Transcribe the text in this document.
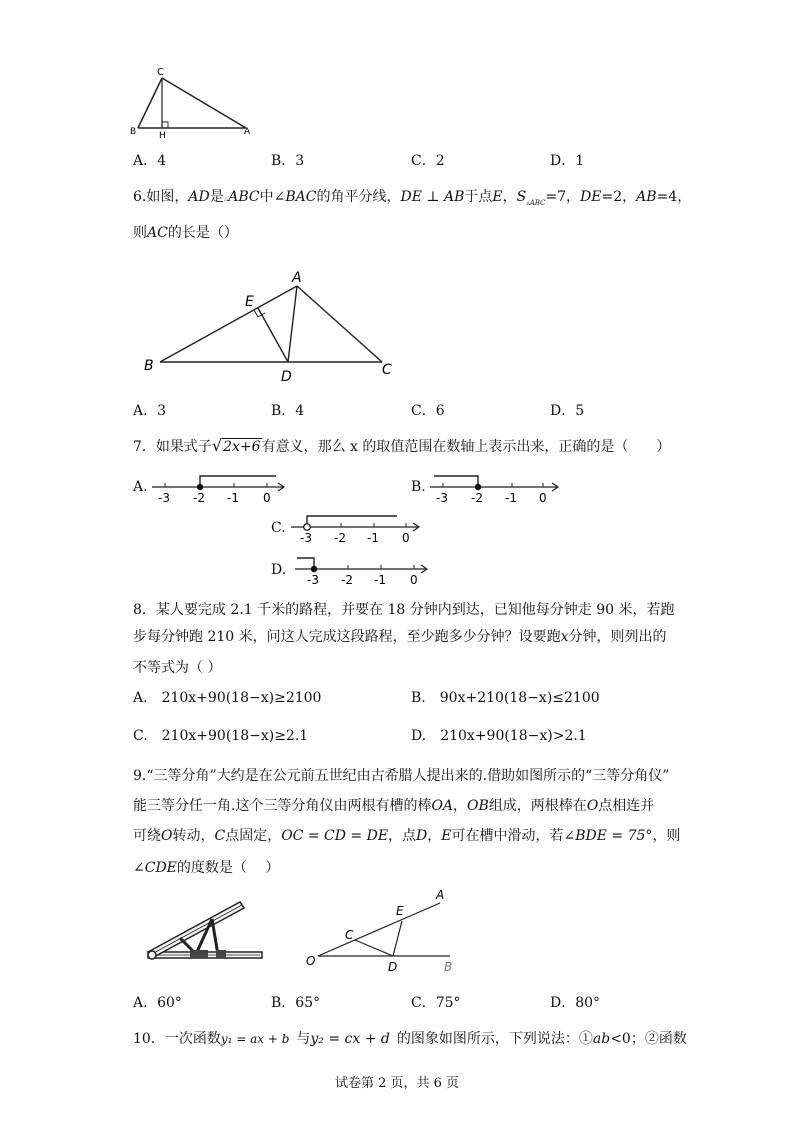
C
B	H	A
A．4	B．3	C．2	D．1
6.如图，AD是▵ABC中∠BAC的角平分线，DE ⊥ AB于点E，$S_{▵ABC}=7$，DE=2，AB=4，
则AC的长是（）
A
E
B
D	C
A．3	B．4	C．6	D．5
7．如果式子√2x+6有意义，那么 x 的取值范围在数轴上表示出来，正确的是（　　）
A.
-3 -2 -1 0
B.
-3 -2 -1 0
C.
-3 -2 -1 0
D.
-3 -2 -1 0
8．某人要完成 2.1 千米的路程，并要在 18 分钟内到达，已知他每分钟走 90 米，若跑
步每分钟跑 210 米，问这人完成这段路程，至少跑多少分钟？设要跑x分钟，则列出的
不等式为（ ）
A.  210x+90(18−x)≥2100	B.  90x+210(18−x)≤2100
C.  210x+90(18−x)≥2.1	D.  210x+90(18−x)>2.1
9.“三等分角”大约是在公元前五世纪由古希腊人提出来的.借助如图所示的“三等分角仪”
能三等分任一角.这个三等分角仪由两根有槽的棒OA，OB组成，两根棒在O点相连并
可绕O转动，C点固定，OC = CD = DE，点D，E可在槽中滑动，若∠BDE = 75°，则
∠CDE的度数是（　 ）
O
C
E
A
D	B
A．60°	B．65°	C．75°	D．80°
10．一次函数y₁ = ax + b  与y₂ = cx + d  的图象如图所示，下列说法：①ab<0；②函数
试卷第 2 页，共 6 页
